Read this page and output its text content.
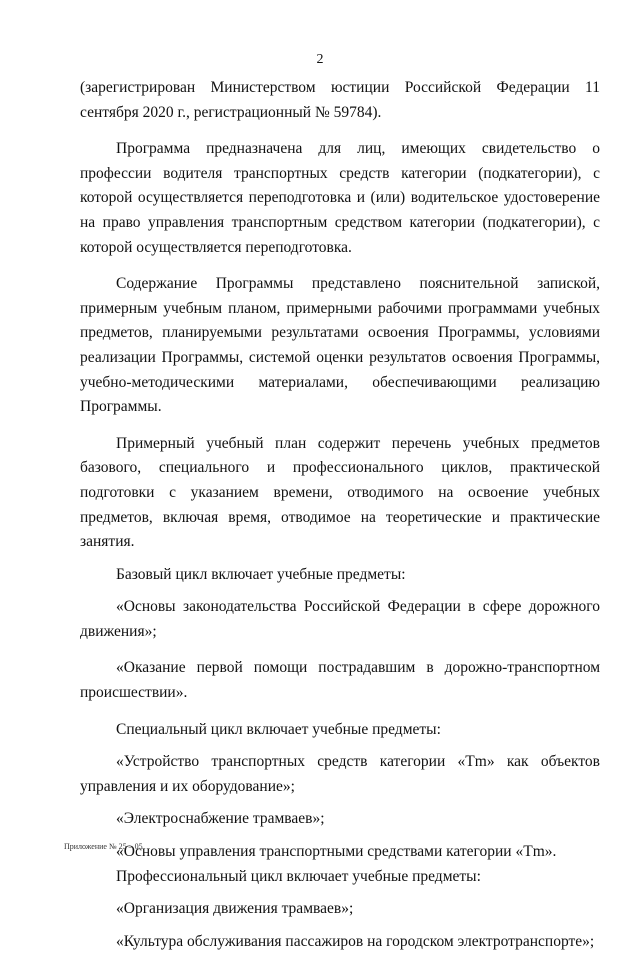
2

(зарегистрирован Министерством юстиции Российской Федерации 11 сентября 2020 г., регистрационный № 59784).

Программа предназначена для лиц, имеющих свидетельство о профессии водителя транспортных средств категории (подкатегории), с которой осуществляется переподготовка и (или) водительское удостоверение на право управления транспортным средством категории (подкатегории), с которой осуществляется переподготовка.

Содержание Программы представлено пояснительной запиской, примерным учебным планом, примерными рабочими программами учебных предметов, планируемыми результатами освоения Программы, условиями реализации Программы, системой оценки результатов освоения Программы, учебно-методическими материалами, обеспечивающими реализацию Программы.

Примерный учебный план содержит перечень учебных предметов базового, специального и профессионального циклов, практической подготовки с указанием времени, отводимого на освоение учебных предметов, включая время, отводимое на теоретические и практические занятия.

Базовый цикл включает учебные предметы:

«Основы законодательства Российской Федерации в сфере дорожного движения»;

«Оказание первой помощи пострадавшим в дорожно-транспортном происшествии».

Специальный цикл включает учебные предметы:

«Устройство транспортных средств категории «Tm» как объектов управления и их оборудование»;

«Электроснабжение трамваев»;

«Основы управления транспортными средствами категории «Tm».

Профессиональный цикл включает учебные предметы:

«Организация движения трамваев»;

«Культура обслуживания пассажиров на городском электротранспорте»;

Приложение № 25 – 05
